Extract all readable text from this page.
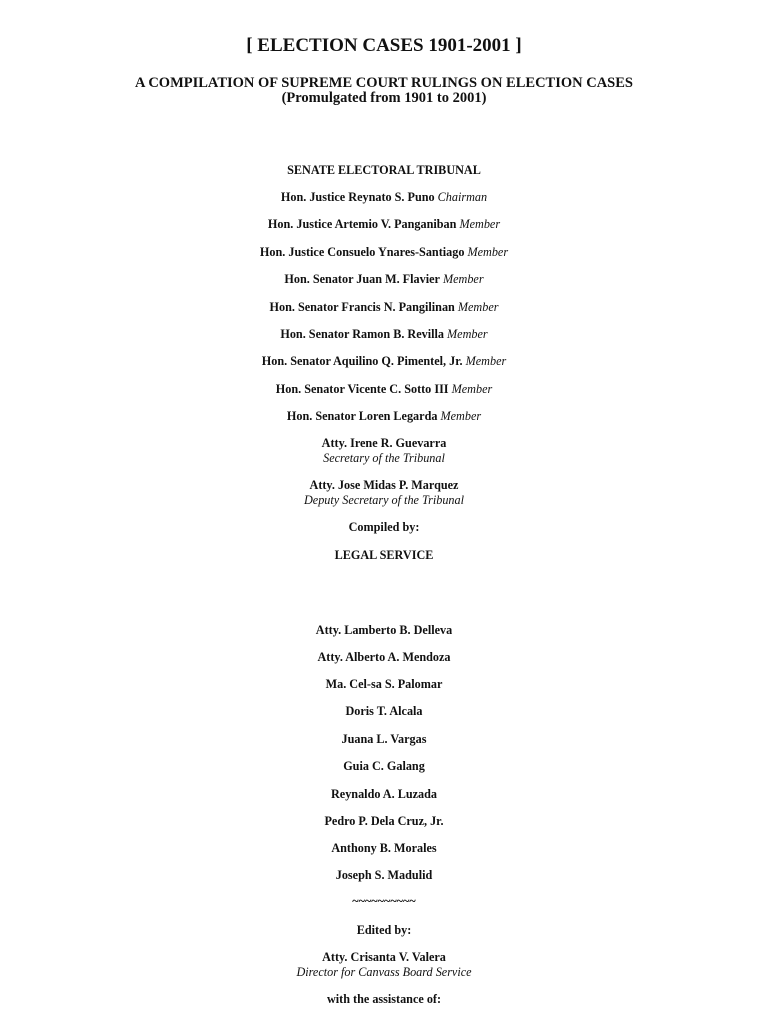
[ ELECTION CASES 1901-2001 ]
A COMPILATION OF SUPREME COURT RULINGS ON ELECTION CASES
(Promulgated from 1901 to 2001)
SENATE ELECTORAL TRIBUNAL
Hon. Justice Reynato S. Puno Chairman
Hon. Justice Artemio V. Panganiban Member
Hon. Justice Consuelo Ynares-Santiago Member
Hon. Senator Juan M. Flavier Member
Hon. Senator Francis N. Pangilinan Member
Hon. Senator Ramon B. Revilla Member
Hon. Senator Aquilino Q. Pimentel, Jr. Member
Hon. Senator Vicente C. Sotto III Member
Hon. Senator Loren Legarda Member
Atty. Irene R. Guevarra
Secretary of the Tribunal
Atty. Jose Midas P. Marquez
Deputy Secretary of the Tribunal
Compiled by:
LEGAL SERVICE
Atty. Lamberto B. Delleva
Atty. Alberto A. Mendoza
Ma. Cel-sa S. Palomar
Doris T. Alcala
Juana L. Vargas
Guia C. Galang
Reynaldo A. Luzada
Pedro P. Dela Cruz, Jr.
Anthony B. Morales
Joseph S. Madulid
~~~~~~~~~~
Edited by:
Atty. Crisanta V. Valera
Director for Canvass Board Service
with the assistance of:
